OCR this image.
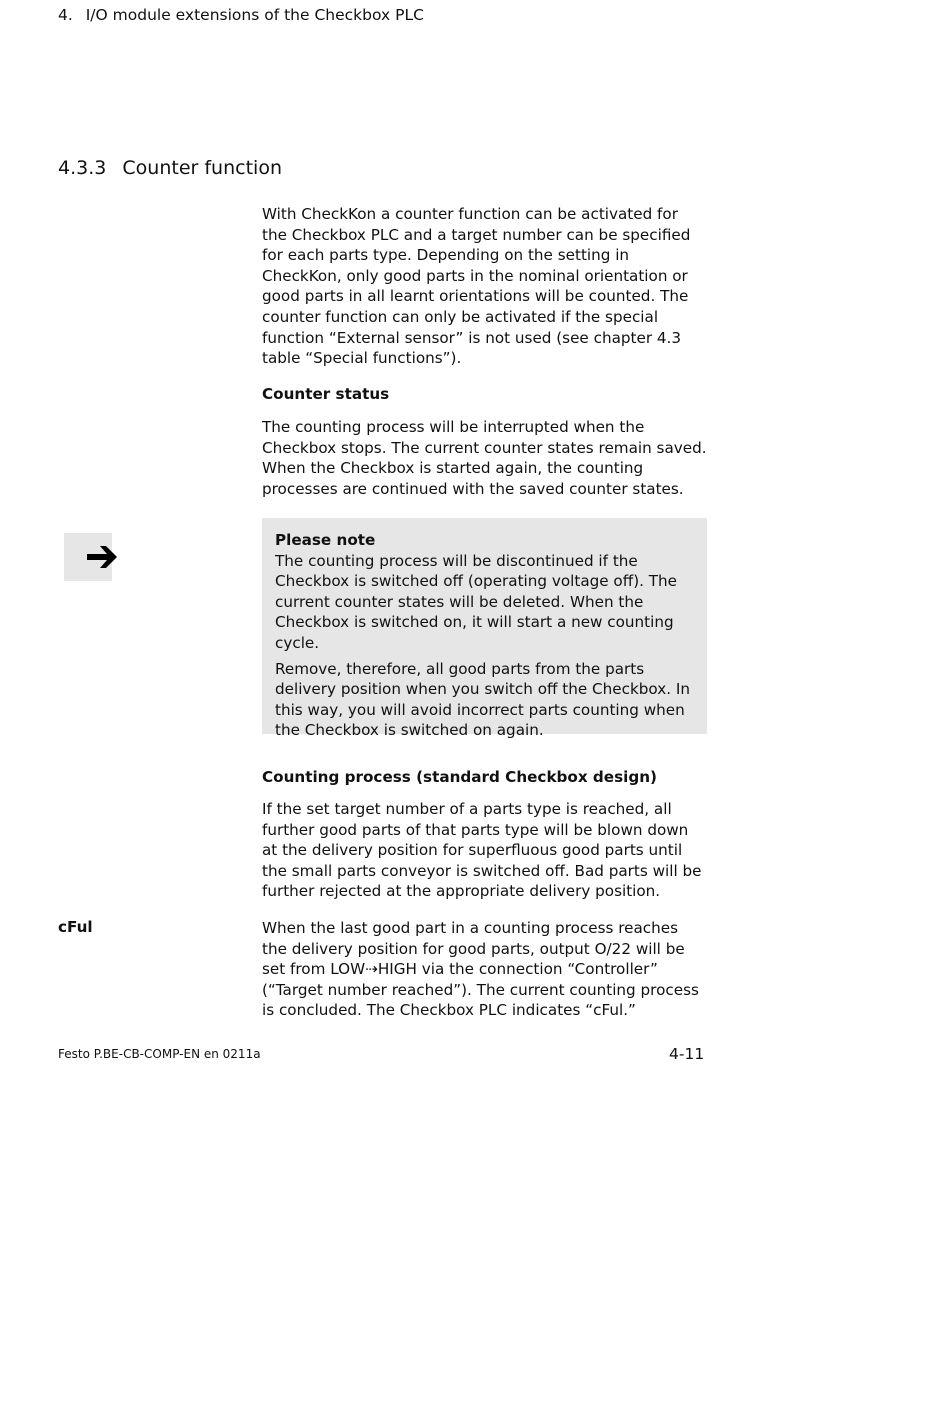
4. I/O module extensions of the Checkbox PLC
4.3.3 Counter function

With CheckKon a counter function can be activated for the Checkbox PLC and a target number can be specified for each parts type. Depending on the setting in CheckKon, only good parts in the nominal orientation or good parts in all learnt orientations will be counted. The counter function can only be activated if the special function “External sensor” is not used (see chapter 4.3 table “Special functions”).

Counter status

The counting process will be interrupted when the Checkbox stops. The current counter states remain saved. When the Checkbox is started again, the counting processes are continued with the saved counter states.

Please note

The counting process will be discontinued if the Checkbox is switched off (operating voltage off). The current counter states will be deleted. When the Checkbox is switched on, it will start a new counting cycle.

Remove, therefore, all good parts from the parts delivery position when you switch off the Checkbox. In this way, you will avoid incorrect parts counting when the Checkbox is switched on again.

Counting process (standard Checkbox design)

If the set target number of a parts type is reached, all further good parts of that parts type will be blown down at the delivery position for superfluous good parts until the small parts conveyor is switched off. Bad parts will be further rejected at the appropriate delivery position.

cFul	When the last good part in a counting process reaches the delivery position for good parts, output O/22 will be set from LOW⇢HIGH via the connection “Controller” (“Target number reached”). The current counting process is concluded. The Checkbox PLC indicates “cFul.”

Festo P.BE-CB-COMP-EN en 0211a	4-11
